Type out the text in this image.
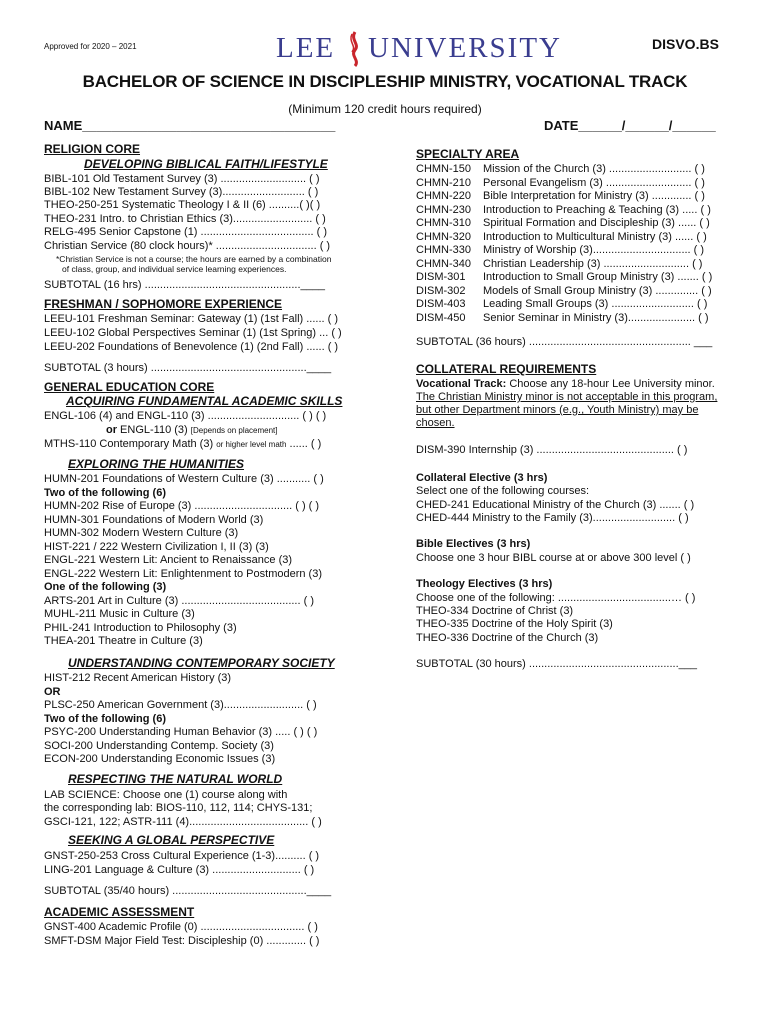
Approved for 2020 – 2021	LEE UNIVERSITY	DISVO.BS
BACHELOR OF SCIENCE IN DISCIPLESHIP MINISTRY, VOCATIONAL TRACK
(Minimum 120 credit hours required)
NAME___________________________________	DATE______/______/______
RELIGION CORE
DEVELOPING BIBLICAL FAITH/LIFESTYLE
BIBL-101 Old Testament Survey (3) ............................ ( )
BIBL-102 New Testament Survey (3)........................... ( )
THEO-250-251 Systematic Theology I & II (6) ..........( )( )
THEO-231 Intro. to Christian Ethics (3).......................... ( )
RELG-495 Senior Capstone (1) ..................................... ( )
Christian Service (80 clock hours)* ................................. ( )
*Christian Service is not a course; the hours are earned by a combination
of class, group, and individual service learning experiences.
SUBTOTAL (16 hrs) ...................................................____
FRESHMAN / SOPHOMORE EXPERIENCE
LEEU-101 Freshman Seminar: Gateway (1) (1st Fall) ...... ( )
LEEU-102 Global Perspectives Seminar (1) (1st Spring) ... ( )
LEEU-202 Foundations of Benevolence (1) (2nd Fall) ...... ( )
SUBTOTAL (3 hours) ...................................................____
GENERAL EDUCATION CORE
ACQUIRING FUNDAMENTAL ACADEMIC SKILLS
ENGL-106 (4) and ENGL-110 (3) .............................. ( ) ( )
or ENGL-110 (3) [Depends on placement]
MTHS-110 Contemporary Math (3) or higher level math ...... ( )
EXPLORING THE HUMANITIES
HUMN-201 Foundations of Western Culture (3) ........... ( )
Two of the following (6)
HUMN-202 Rise of Europe (3) ................................ ( ) ( )
HUMN-301 Foundations of Modern World (3)
HUMN-302 Modern Western Culture (3)
HIST-221 / 222 Western Civilization I, II (3) (3)
ENGL-221 Western Lit: Ancient to Renaissance (3)
ENGL-222 Western Lit: Enlightenment to Postmodern (3)
One of the following (3)
ARTS-201 Art in Culture (3) ....................................... ( )
MUHL-211 Music in Culture (3)
PHIL-241 Introduction to Philosophy (3)
THEA-201 Theatre in Culture (3)
UNDERSTANDING CONTEMPORARY SOCIETY
HIST-212 Recent American History (3)
OR
PLSC-250 American Government (3).......................... ( )
Two of the following (6)
PSYC-200 Understanding Human Behavior (3) ..... ( ) ( )
SOCI-200 Understanding Contemp. Society (3)
ECON-200 Understanding Economic Issues (3)
RESPECTING THE NATURAL WORLD
LAB SCIENCE: Choose one (1) course along with
the corresponding lab: BIOS-110, 112, 114; CHYS-131;
GSCI-121, 122; ASTR-111 (4)....................................... ( )
SEEKING A GLOBAL PERSPECTIVE
GNST-250-253 Cross Cultural Experience (1-3).......... ( )
LING-201 Language & Culture (3) ............................. ( )
SUBTOTAL (35/40 hours) ............................................____
ACADEMIC ASSESSMENT
GNST-400 Academic Profile (0) .................................. ( )
SMFT-DSM Major Field Test: Discipleship (0) ............. ( )
SPECIALTY AREA
CHMN-150 Mission of the Church (3) ........................... ( )
CHMN-210 Personal Evangelism (3) ............................ ( )
CHMN-220 Bible Interpretation for Ministry (3) ............. ( )
CHMN-230 Introduction to Preaching & Teaching (3) ..... ( )
CHMN-310 Spiritual Formation and Discipleship (3) ...... ( )
CHMN-320 Introduction to Multicultural Ministry (3) ...... ( )
CHMN-330 Ministry of Worship (3)................................ ( )
CHMN-340 Christian Leadership (3) ............................ ( )
DISM-301 Introduction to Small Group Ministry (3) ....... ( )
DISM-302 Models of Small Group Ministry (3) .............. ( )
DISM-403 Leading Small Groups (3) ........................... ( )
DISM-450 Senior Seminar in Ministry (3)...................... ( )
SUBTOTAL (36 hours) ..................................................... ___
COLLATERAL REQUIREMENTS
Vocational Track: Choose any 18-hour Lee University minor.
The Christian Ministry minor is not acceptable in this program,
but other Department minors (e.g., Youth Ministry) may be
chosen.
DISM-390 Internship (3) ............................................. ( )
Collateral Elective (3 hrs)
Select one of the following courses:
CHED-241 Educational Ministry of the Church (3) ....... ( )
CHED-444 Ministry to the Family (3)........................... ( )
Bible Electives (3 hrs)
Choose one 3 hour BIBL course at or above 300 level ( )
Theology Electives (3 hrs)
Choose one of the following: .....................................… ( )
THEO-334 Doctrine of Christ (3)
THEO-335 Doctrine of the Holy Spirit (3)
THEO-336 Doctrine of the Church (3)
SUBTOTAL (30 hours) .................................................___
